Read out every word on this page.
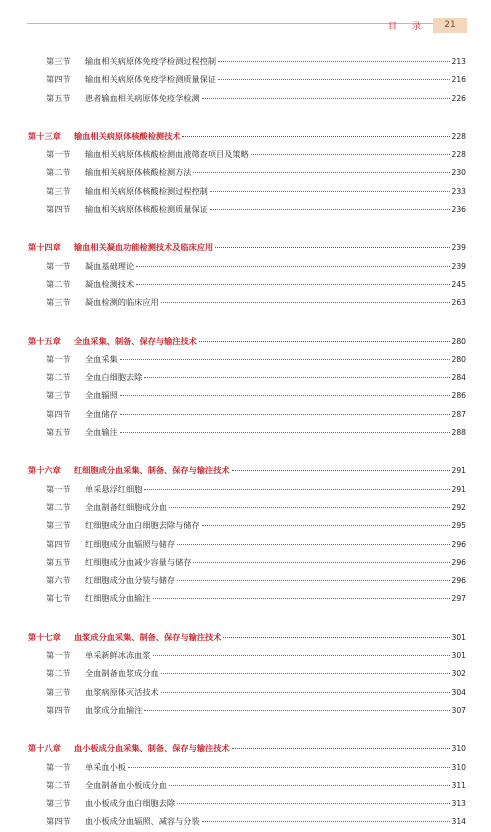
目 录	21
第三节	输血相关病原体免疫学检测过程控制	213
第四节	输血相关病原体免疫学检测质量保证	216
第五节	患者输血相关病原体免疫学检测	226
第十三章	输血相关病原体核酸检测技术	228
第一节	输血相关病原体核酸检测血液筛查项目及策略	228
第二节	输血相关病原体核酸检测方法	230
第三节	输血相关病原体核酸检测过程控制	233
第四节	输血相关病原体核酸检测质量保证	236
第十四章	输血相关凝血功能检测技术及临床应用	239
第一节	凝血基础理论	239
第二节	凝血检测技术	245
第三节	凝血检测的临床应用	263
第十五章	全血采集、制备、保存与输注技术	280
第一节	全血采集	280
第二节	全血白细胞去除	284
第三节	全血辐照	286
第四节	全血储存	287
第五节	全血输注	288
第十六章	红细胞成分血采集、制备、保存与输注技术	291
第一节	单采悬浮红细胞	291
第二节	全血制备红细胞成分血	292
第三节	红细胞成分血白细胞去除与储存	295
第四节	红细胞成分血辐照与储存	296
第五节	红细胞成分血减少容量与储存	296
第六节	红细胞成分血分装与储存	296
第七节	红细胞成分血输注	297
第十七章	血浆成分血采集、制备、保存与输注技术	301
第一节	单采新鲜冰冻血浆	301
第二节	全血制备血浆成分血	302
第三节	血浆病原体灭活技术	304
第四节	血浆成分血输注	307
第十八章	血小板成分血采集、制备、保存与输注技术	310
第一节	单采血小板	310
第二节	全血制备血小板成分血	311
第三节	血小板成分血白细胞去除	313
第四节	血小板成分血辐照、减容与分装	314
